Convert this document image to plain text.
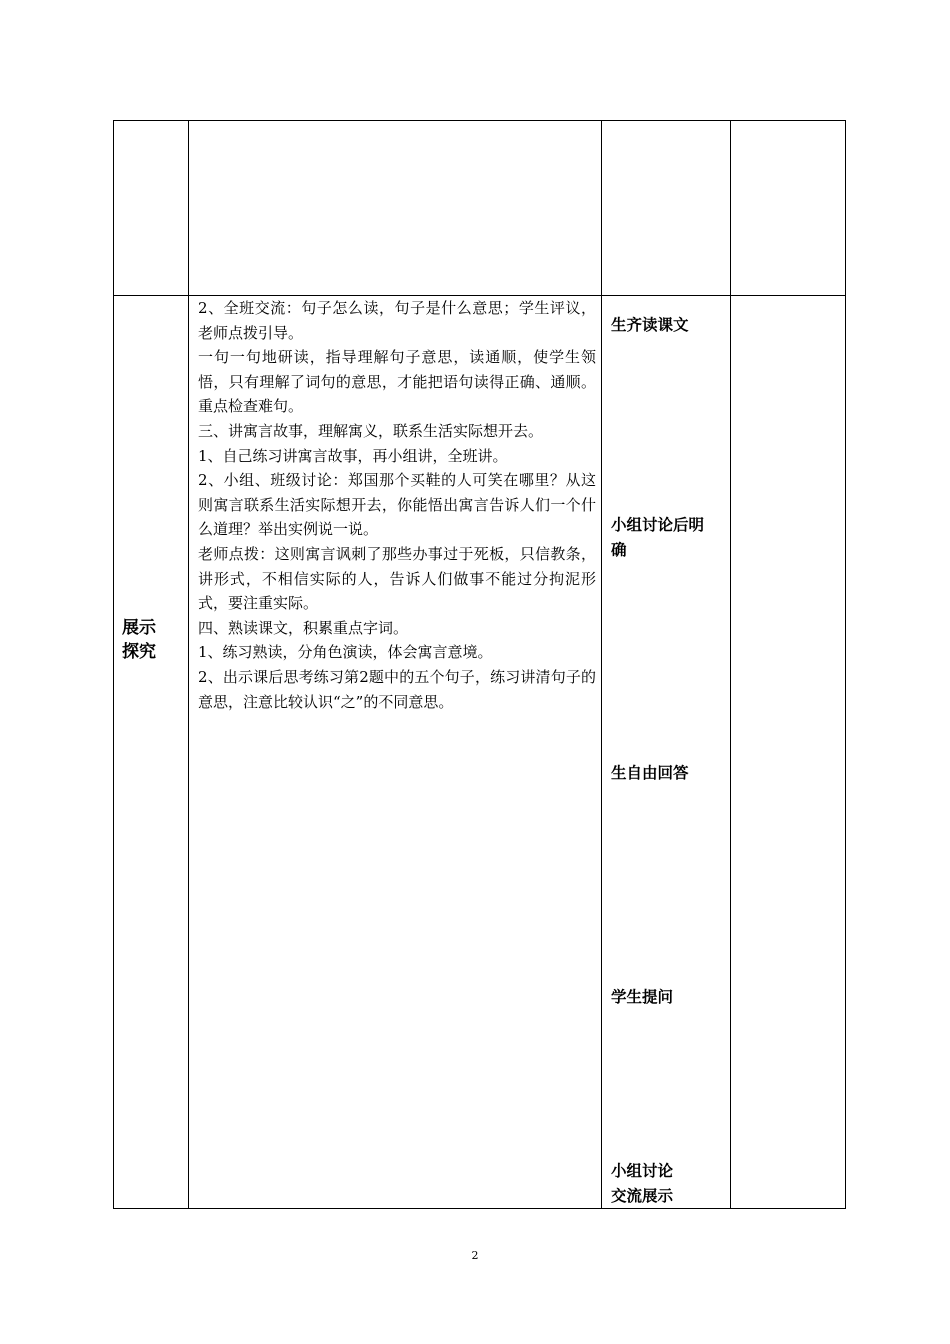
展示
探究

2、全班交流：句子怎么读，句子是什么意思；学生评议，老师点拨引导。

一句一句地研读，指导理解句子意思，读通顺，使学生领悟，只有理解了词句的意思，才能把语句读得正确、通顺。重点检查难句。

三、讲寓言故事，理解寓义，联系生活实际想开去。

1、自己练习讲寓言故事，再小组讲，全班讲。

2、小组、班级讨论：郑国那个买鞋的人可笑在哪里？从这则寓言联系生活实际想开去，你能悟出寓言告诉人们一个什么道理？举出实例说一说。

老师点拨：这则寓言讽刺了那些办事过于死板，只信教条，讲形式，不相信实际的人，告诉人们做事不能过分拘泥形式，要注重实际。

四、熟读课文，积累重点字词。

1、练习熟读，分角色演读，体会寓言意境。

2、出示课后思考练习第2题中的五个句子，练习讲清句子的意思，注意比较认识“之”的不同意思。

生齐读课文
小组讨论后明
确
生自由回答
学生提问
小组讨论
交流展示
2
